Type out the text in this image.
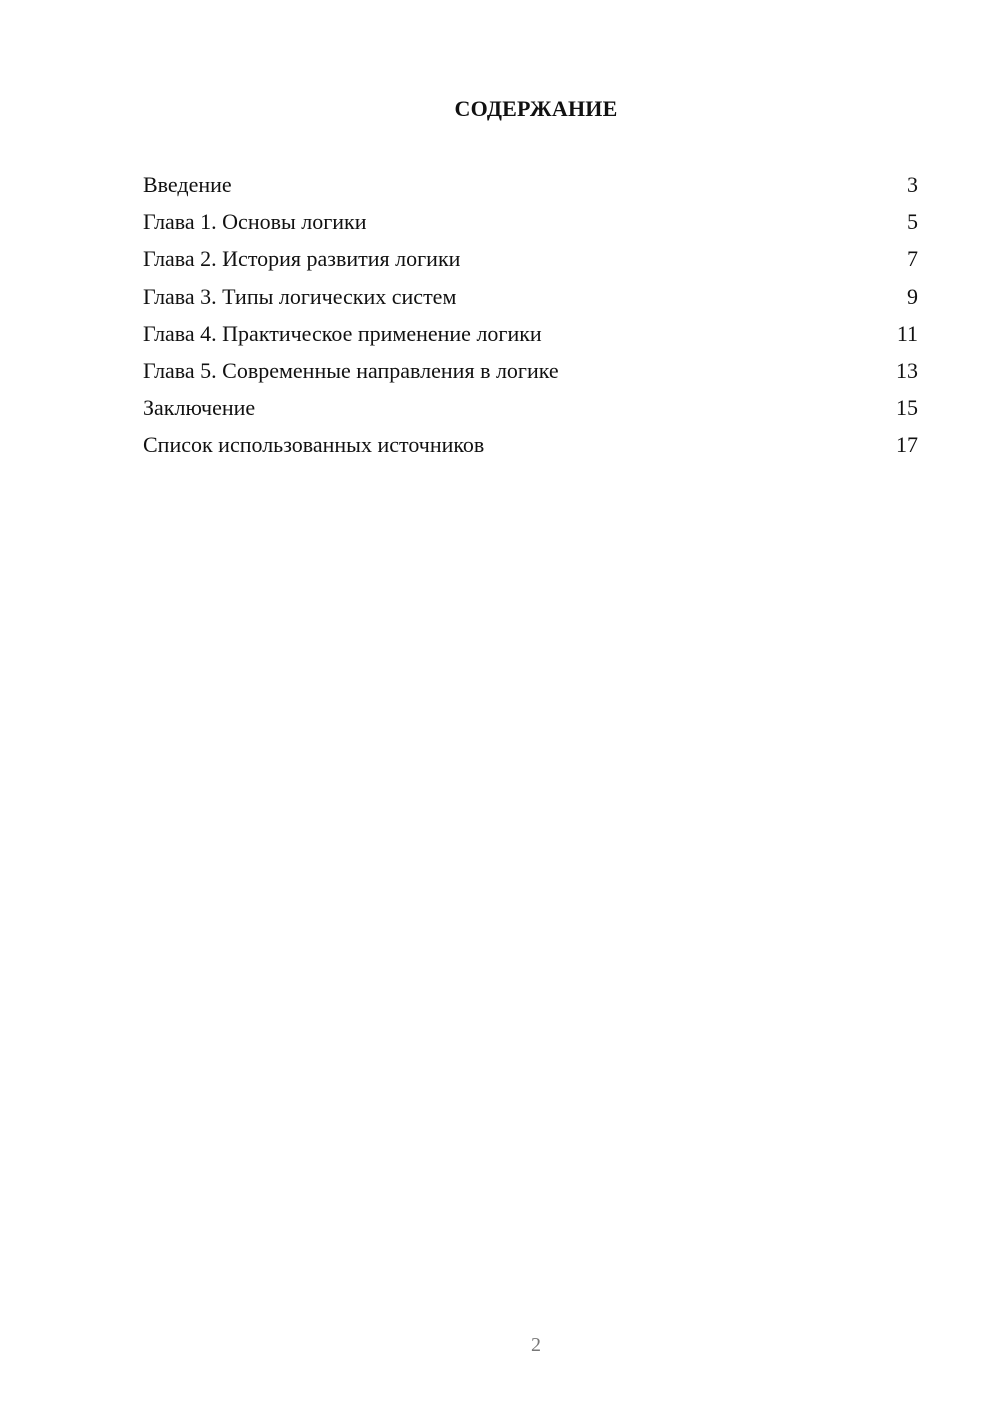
СОДЕРЖАНИЕ
Введение	3
Глава 1. Основы логики	5
Глава 2. История развития логики	7
Глава 3. Типы логических систем	9
Глава 4. Практическое применение логики	11
Глава 5. Современные направления в логике	13
Заключение	15
Список использованных источников	17
2
